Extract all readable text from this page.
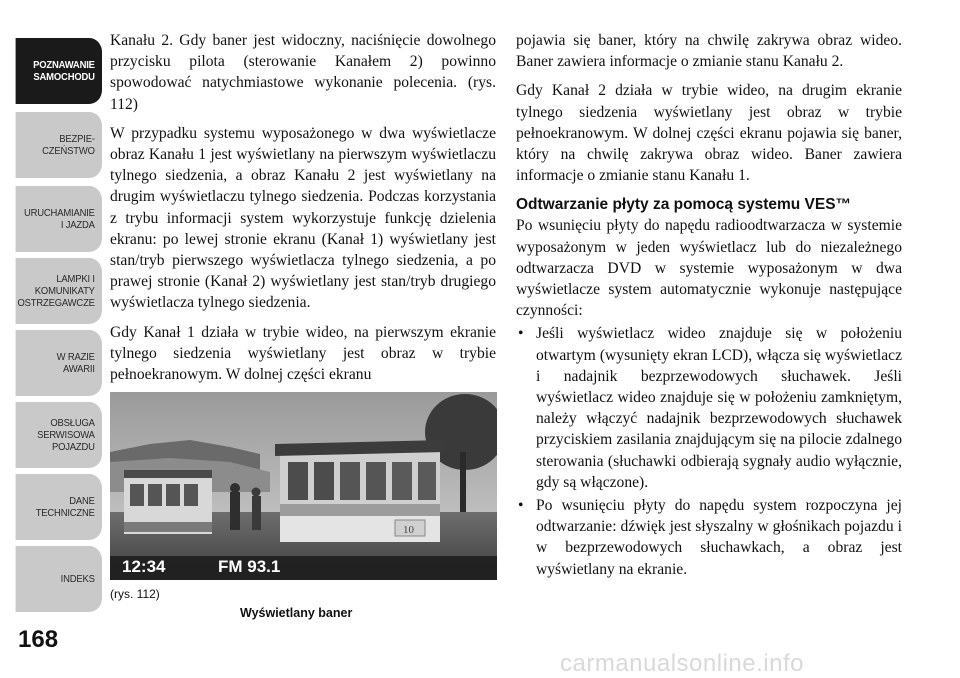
POZNAWANIE
SAMOCHODU
BEZPIE-
CZEŃSTWO
URUCHAMIANIE
I JAZDA
LAMPKI I
KOMUNIKATY
OSTRZEGAWCZE
W RAZIE
AWARII
OBSŁUGA
SERWISOWA
POJAZDU
DANE
TECHNICZNE
INDEKS
168

Kanału 2. Gdy baner jest widoczny, naciśnięcie dowolnego przycisku pilota (sterowanie Kanałem 2) powinno spowodować natychmiastowe wykonanie polecenia. (rys. 112)

W przypadku systemu wyposażonego w dwa wyświetlacze obraz Kanału 1 jest wyświetlany na pierwszym wyświetlaczu tylnego siedzenia, a obraz Kanału 2 jest wyświetlany na drugim wyświetlaczu tylnego siedzenia. Podczas korzystania z trybu informacji system wykorzystuje funkcję dzielenia ekranu: po lewej stronie ekranu (Kanał 1) wyświetlany jest stan/tryb pierwszego wyświetlacza tylnego siedzenia, a po prawej stronie (Kanał 2) wyświetlany jest stan/tryb drugiego wyświetlacza tylnego siedzenia.

Gdy Kanał 1 działa w trybie wideo, na pierwszym ekranie tylnego siedzenia wyświetlany jest obraz w trybie pełnoekranowym. W dolnej części ekranu

10
12:34	FM 93.1
(rys. 112)
Wyświetlany baner

pojawia się baner, który na chwilę zakrywa obraz wideo. Baner zawiera informacje o zmianie stanu Kanału 2.

Gdy Kanał 2 działa w trybie wideo, na drugim ekranie tylnego siedzenia wyświetlany jest obraz w trybie pełnoekranowym. W dolnej części ekranu pojawia się baner, który na chwilę zakrywa obraz wideo. Baner zawiera informacje o zmianie stanu Kanału 1.

Odtwarzanie płyty za pomocą systemu VES™

Po wsunięciu płyty do napędu radioodtwarzacza w systemie wyposażonym w jeden wyświetlacz lub do niezależnego odtwarzacza DVD w systemie wyposażonym w dwa wyświetlacze system automatycznie wykonuje następujące czynności:

• Jeśli wyświetlacz wideo znajduje się w położeniu otwartym (wysunięty ekran LCD), włącza się wyświetlacz i nadajnik bezprzewodowych słuchawek. Jeśli wyświetlacz wideo znajduje się w położeniu zamkniętym, należy włączyć nadajnik bezprzewodowych słuchawek przyciskiem zasilania znajdującym się na pilocie zdalnego sterowania (słuchawki odbierają sygnały audio wyłącznie, gdy są włączone).
• Po wsunięciu płyty do napędu system rozpoczyna jej odtwarzanie: dźwięk jest słyszalny w głośnikach pojazdu i w bezprzewodowych słuchawkach, a obraz jest wyświetlany na ekranie.
carmanualsonline.info
